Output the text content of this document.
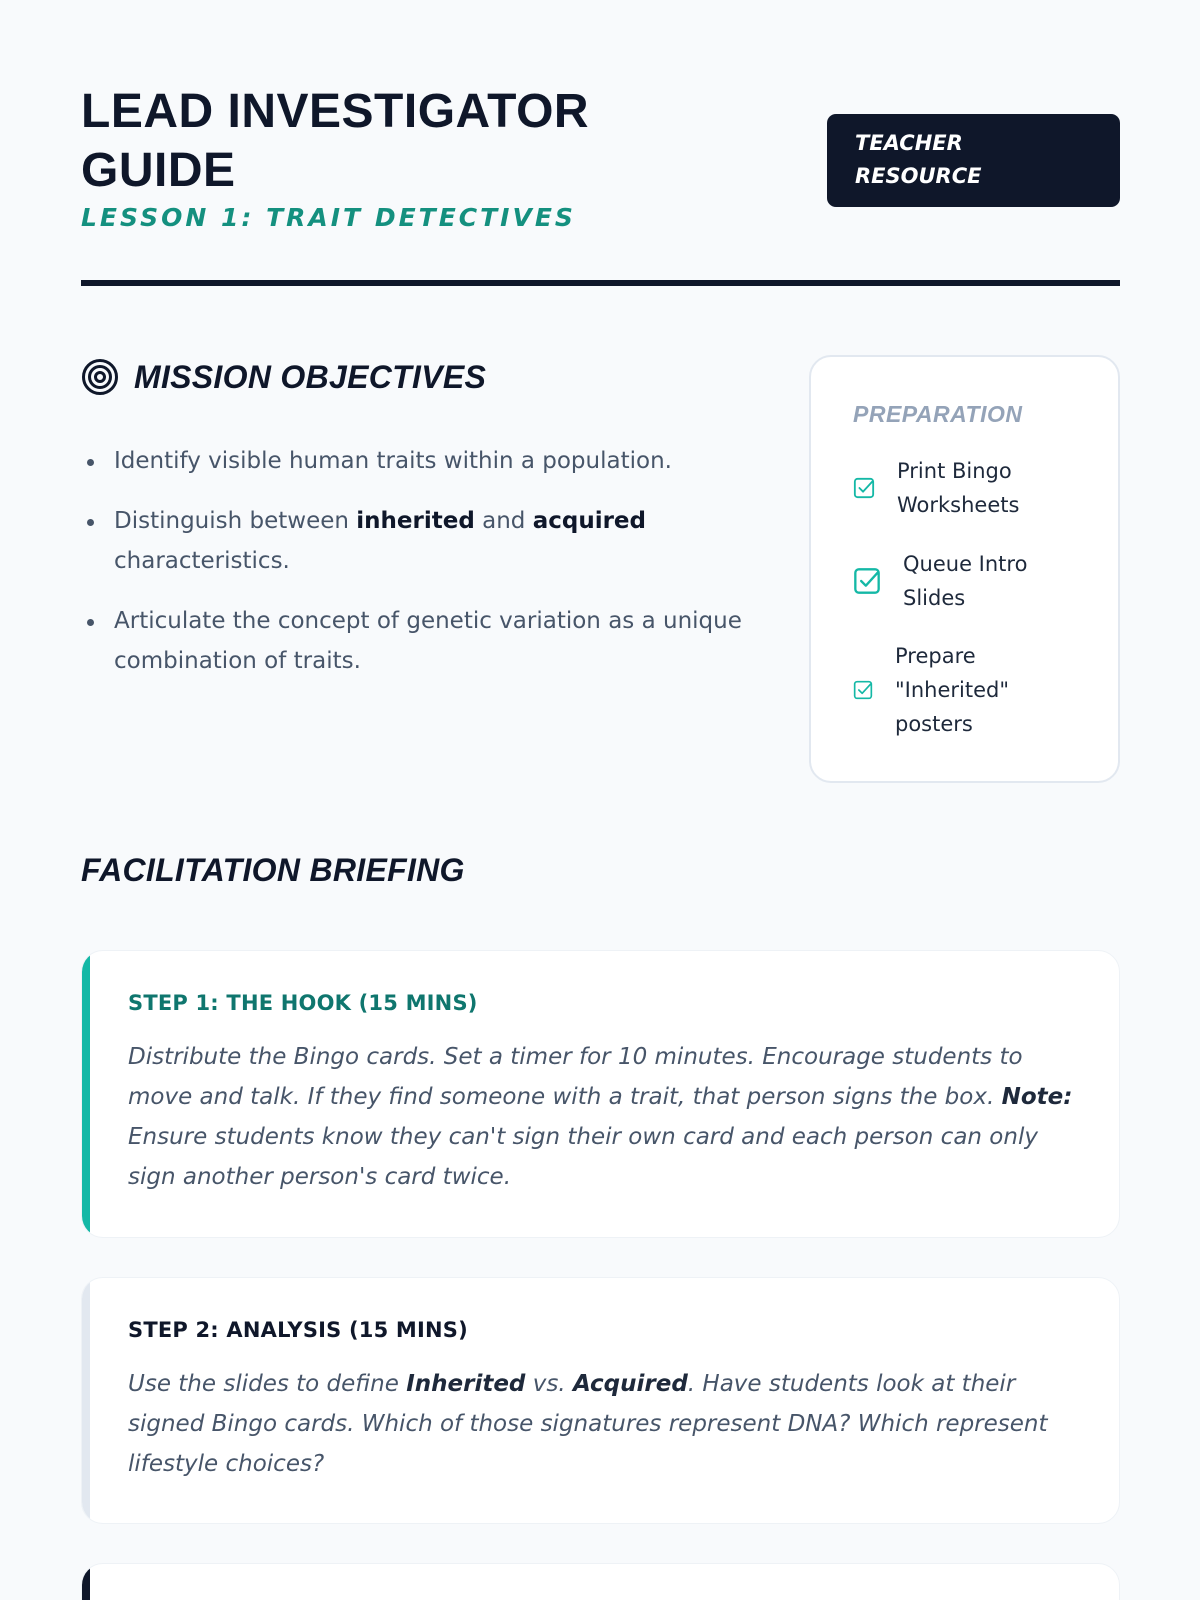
LEAD INVESTIGATOR GUIDE
LESSON 1: TRAIT DETECTIVES
TEACHER RESOURCE
MISSION OBJECTIVES
Identify visible human traits within a population.
Distinguish between inherited and acquired characteristics.
Articulate the concept of genetic variation as a unique combination of traits.
PREPARATION
Print Bingo Worksheets
Queue Intro Slides
Prepare "Inherited" posters
FACILITATION BRIEFING
STEP 1: THE HOOK (15 MINS)
Distribute the Bingo cards. Set a timer for 10 minutes. Encourage students to move and talk. If they find someone with a trait, that person signs the box. Note: Ensure students know they can't sign their own card and each person can only sign another person's card twice.
STEP 2: ANALYSIS (15 MINS)
Use the slides to define Inherited vs. Acquired. Have students look at their signed Bingo cards. Which of those signatures represent DNA? Which represent lifestyle choices?
